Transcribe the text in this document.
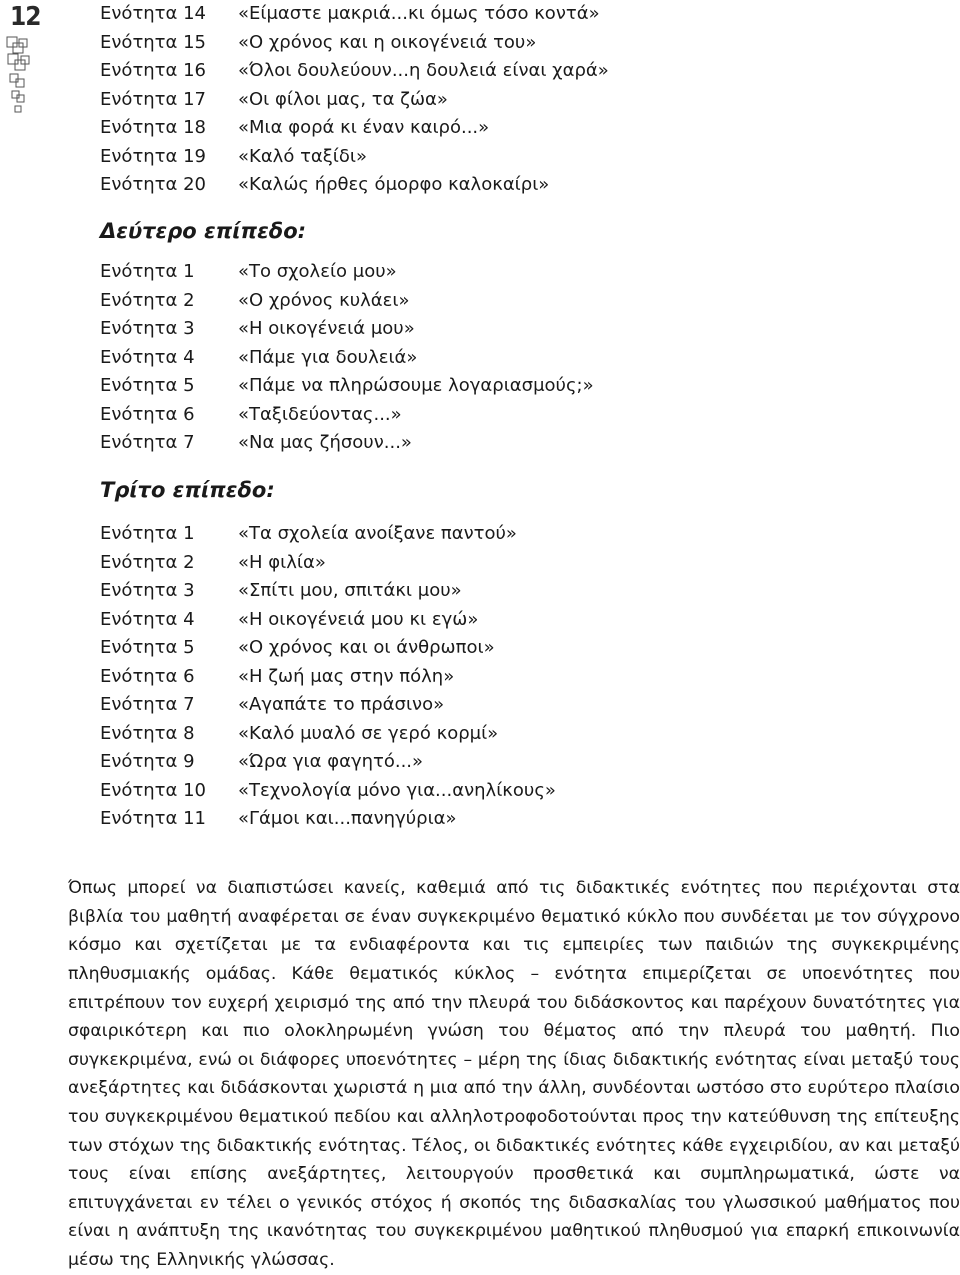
12	Ενότητα 14	«Είμαστε μακριά...κι όμως τόσο κοντά»
Ενότητα 15	«Ο χρόνος και η οικογένειά του»
Ενότητα 16	«Όλοι δουλεύουν...η δουλειά είναι χαρά»
Ενότητα 17	«Οι φίλοι μας, τα ζώα»
Ενότητα 18	«Μια φορά κι έναν καιρό...»
Ενότητα 19	«Καλό ταξίδι»
Ενότητα 20	«Καλώς ήρθες όμορφο καλοκαίρι»
Δεύτερο επίπεδο:
Ενότητα 1	«Το σχολείο μου»
Ενότητα 2	«Ο χρόνος κυλάει»
Ενότητα 3	«Η οικογένειά μου»
Ενότητα 4	«Πάμε για δουλειά»
Ενότητα 5	«Πάμε να πληρώσουμε λογαριασμούς;»
Ενότητα 6	«Ταξιδεύοντας...»
Ενότητα 7	«Να μας ζήσουν...»
Τρίτο επίπεδο:
Ενότητα 1	«Τα σχολεία ανοίξανε παντού»
Ενότητα 2	«Η φιλία»
Ενότητα 3	«Σπίτι μου, σπιτάκι μου»
Ενότητα 4	«Η οικογένειά μου κι εγώ»
Ενότητα 5	«Ο χρόνος και οι άνθρωποι»
Ενότητα 6	«Η ζωή μας στην πόλη»
Ενότητα 7	«Αγαπάτε το πράσινο»
Ενότητα 8	«Καλό μυαλό σε γερό κορμί»
Ενότητα 9	«Ώρα για φαγητό...»
Ενότητα 10	«Τεχνολογία μόνο για...ανηλίκους»
Ενότητα 11	«Γάμοι και...πανηγύρια»

Όπως μπορεί να διαπιστώσει κανείς, καθεμιά από τις διδακτικές ενότητες που περιέχονται στα βιβλία του μαθητή αναφέρεται σε έναν συγκεκριμένο θεματικό κύκλο που συνδέεται με τον σύγχρονο κόσμο και σχετίζεται με τα ενδιαφέροντα και τις εμπειρίες των παιδιών της συγκεκριμένης πληθυσμιακής ομάδας. Κάθε θεματικός κύκλος – ενότητα επιμερίζεται σε υποενότητες που επιτρέπουν τον ευχερή χειρισμό της από την πλευρά του διδάσκοντος και παρέχουν δυνατότητες για σφαιρικότερη και πιο ολοκληρωμένη γνώση του θέματος από την πλευρά του μαθητή. Πιο συγκεκριμένα, ενώ οι διάφορες υποενότητες – μέρη της ίδιας διδακτικής ενότητας είναι μεταξύ τους ανεξάρτητες και διδάσκονται χωριστά η μια από την άλλη, συνδέονται ωστόσο στο ευρύτερο πλαίσιο του συγκεκριμένου θεματικού πεδίου και αλληλοτροφοδοτούνται προς την κατεύθυνση της επίτευξης των στόχων της διδακτικής ενότητας. Τέλος, οι διδακτικές ενότητες κάθε εγχειριδίου, αν και μεταξύ τους είναι επίσης ανεξάρτητες, λειτουργούν προσθετικά και συμπληρωματικά, ώστε να επιτυγχάνεται εν τέλει ο γενικός στόχος ή σκοπός της διδασκαλίας του γλωσσικού μαθήματος που είναι η ανάπτυξη της ικανότητας του συγκεκριμένου μαθητικού πληθυσμού για επαρκή επικοινωνία μέσω της Ελληνικής γλώσσας.
